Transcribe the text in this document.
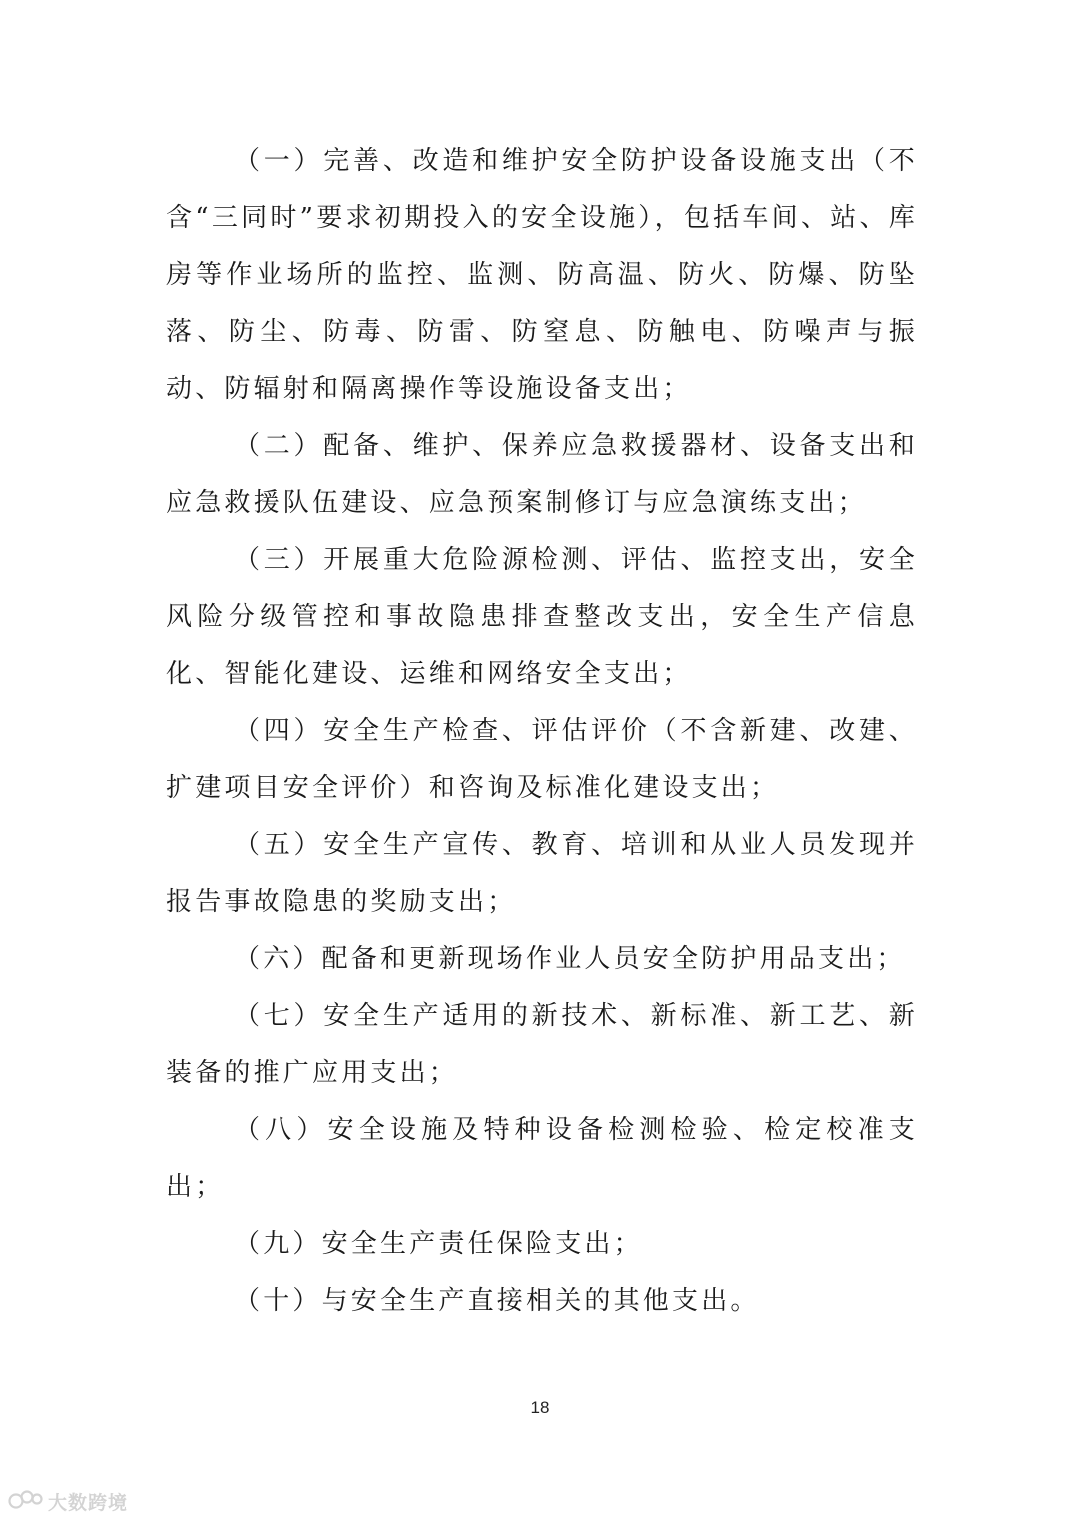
（一）完善、改造和维护安全防护设备设施支出（不含“三同时”要求初期投入的安全设施），包括车间、站、库房等作业场所的监控、监测、防高温、防火、防爆、防坠落、防尘、防毒、防雷、防窒息、防触电、防噪声与振动、防辐射和隔离操作等设施设备支出；

（二）配备、维护、保养应急救援器材、设备支出和应急救援队伍建设、应急预案制修订与应急演练支出；

（三）开展重大危险源检测、评估、监控支出，安全风险分级管控和事故隐患排查整改支出，安全生产信息化、智能化建设、运维和网络安全支出；

（四）安全生产检查、评估评价（不含新建、改建、扩建项目安全评价）和咨询及标准化建设支出；

（五）安全生产宣传、教育、培训和从业人员发现并报告事故隐患的奖励支出；

（六）配备和更新现场作业人员安全防护用品支出；

（七）安全生产适用的新技术、新标准、新工艺、新装备的推广应用支出；

（八）安全设施及特种设备检测检验、检定校准支出；

（九）安全生产责任保险支出；

（十）与安全生产直接相关的其他支出。

18
大数跨境
